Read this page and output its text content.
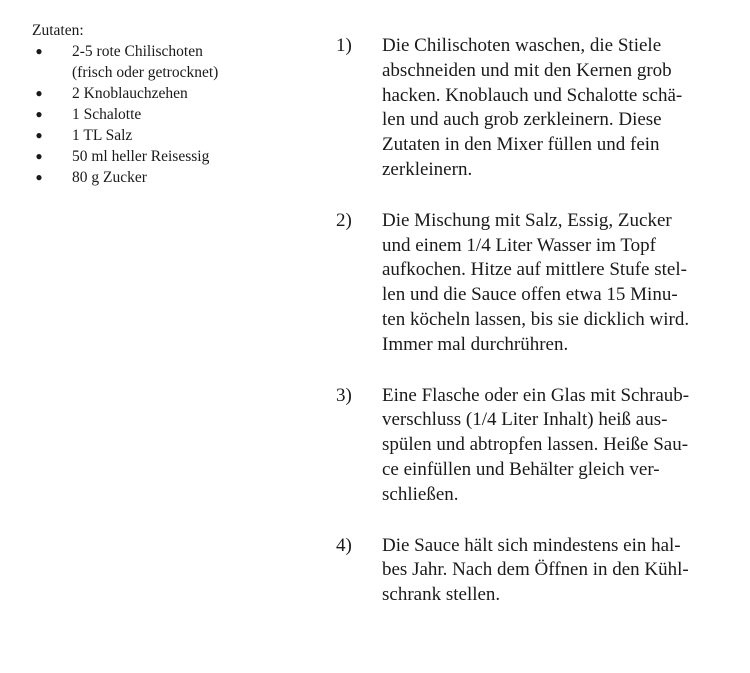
Zutaten:
● 2-5 rote Chilischoten
(frisch oder getrocknet)
● 2 Knoblauchzehen
● 1 Schalotte
● 1 TL Salz
● 50 ml heller Reisessig
● 80 g Zucker
1) Die Chilischoten waschen, die Stiele
abschneiden und mit den Kernen grob
hacken. Knoblauch und Schalotte schä-
len und auch grob zerkleinern. Diese
Zutaten in den Mixer füllen und fein
zerkleinern.
2) Die Mischung mit Salz, Essig, Zucker
und einem 1/4 Liter Wasser im Topf
aufkochen. Hitze auf mittlere Stufe stel-
len und die Sauce offen etwa 15 Minu-
ten köcheln lassen, bis sie dicklich wird.
Immer mal durchrühren.
3) Eine Flasche oder ein Glas mit Schraub-
verschluss (1/4 Liter Inhalt) heiß aus-
spülen und abtropfen lassen. Heiße Sau-
ce einfüllen und Behälter gleich ver-
schließen.
4) Die Sauce hält sich mindestens ein hal-
bes Jahr. Nach dem Öffnen in den Kühl-
schrank stellen.
